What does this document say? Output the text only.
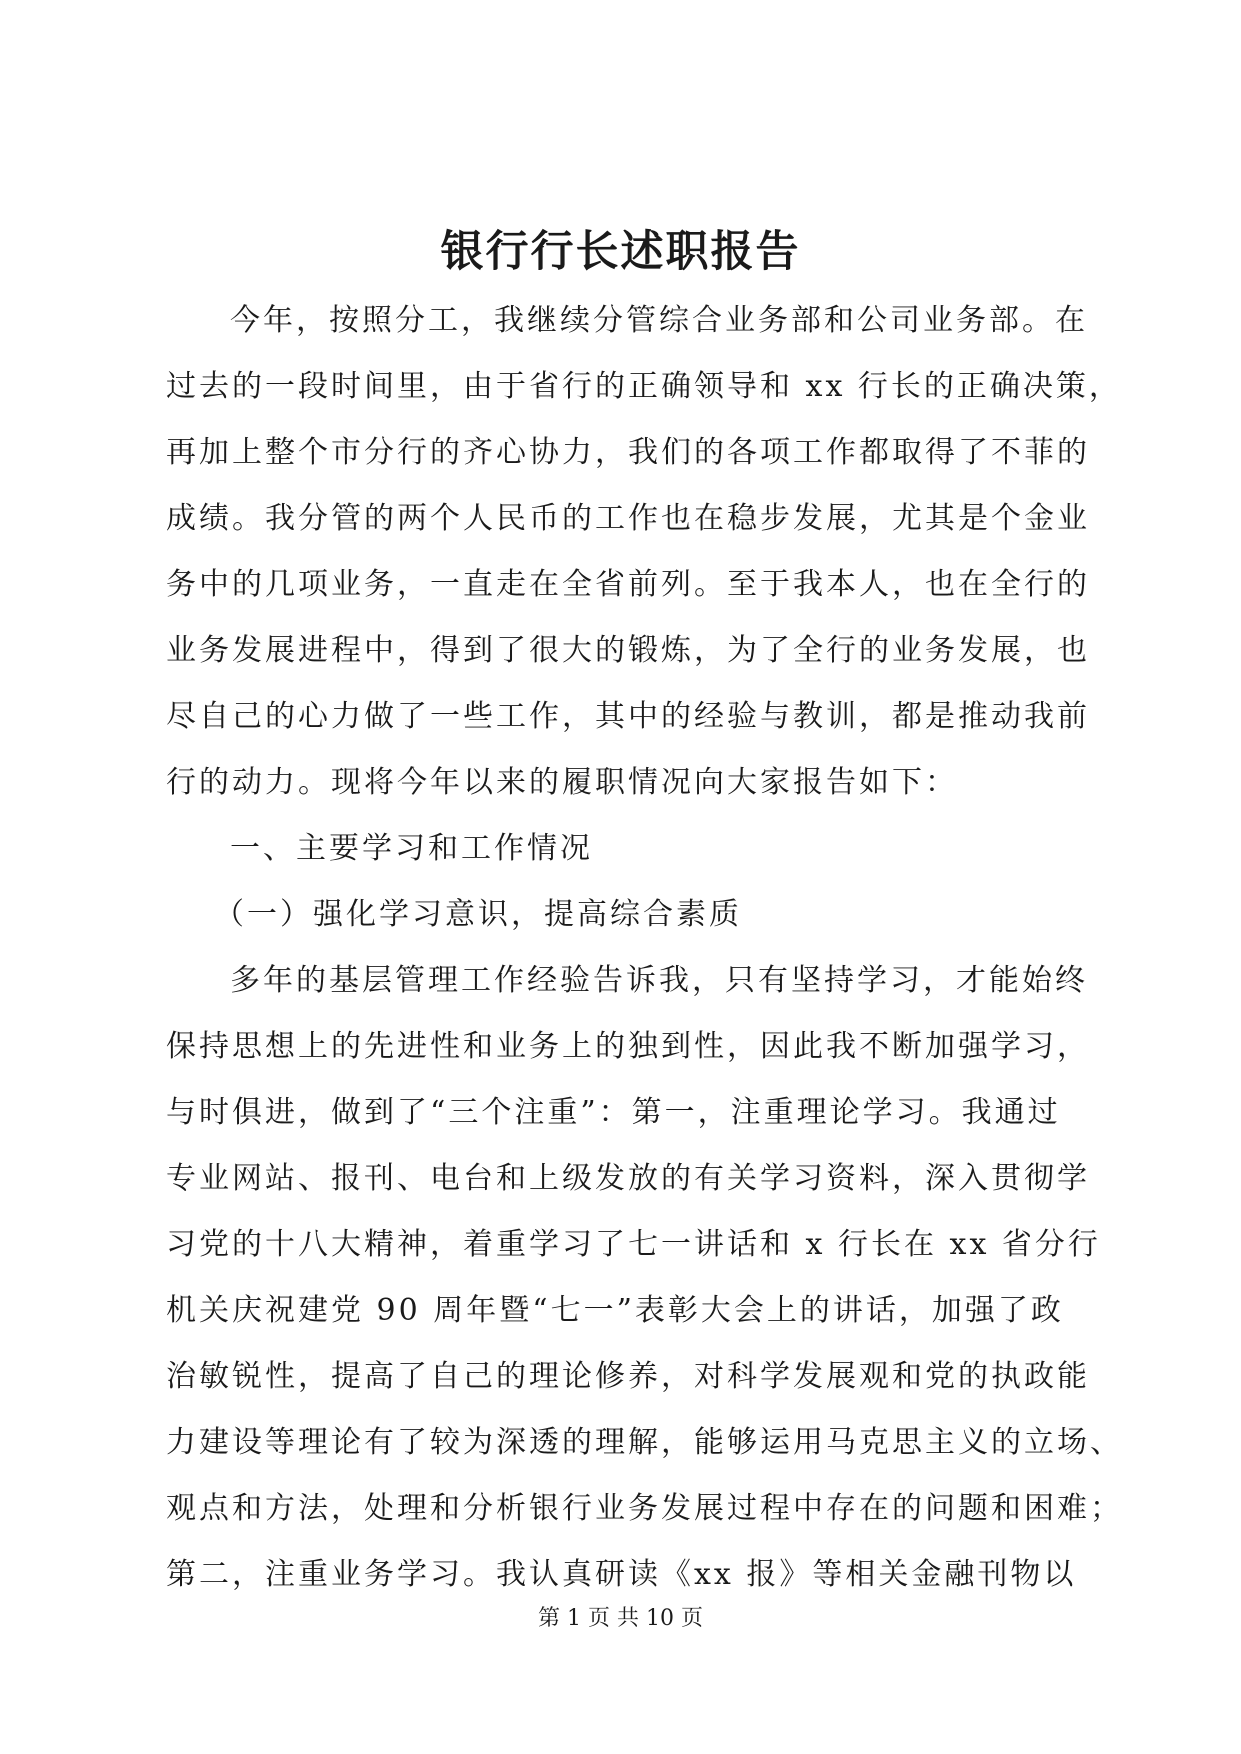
银行行长述职报告
今年，按照分工，我继续分管综合业务部和公司业务部。在
过去的一段时间里，由于省行的正确领导和 xx 行长的正确决策，
再加上整个市分行的齐心协力，我们的各项工作都取得了不菲的
成绩。我分管的两个人民币的工作也在稳步发展，尤其是个金业
务中的几项业务，一直走在全省前列。至于我本人，也在全行的
业务发展进程中，得到了很大的锻炼，为了全行的业务发展，也
尽自己的心力做了一些工作，其中的经验与教训，都是推动我前
行的动力。现将今年以来的履职情况向大家报告如下：
一、主要学习和工作情况
（一）强化学习意识，提高综合素质
多年的基层管理工作经验告诉我，只有坚持学习，才能始终
保持思想上的先进性和业务上的独到性，因此我不断加强学习，
与时俱进，做到了“三个注重”：第一，注重理论学习。我通过
专业网站、报刊、电台和上级发放的有关学习资料，深入贯彻学
习党的十八大精神，着重学习了七一讲话和 x 行长在 xx 省分行
机关庆祝建党 90 周年暨“七一”表彰大会上的讲话，加强了政
治敏锐性，提高了自己的理论修养，对科学发展观和党的执政能
力建设等理论有了较为深透的理解，能够运用马克思主义的立场、
观点和方法，处理和分析银行业务发展过程中存在的问题和困难；
第二，注重业务学习。我认真研读《xx 报》等相关金融刊物以
第 1 页 共 10 页
